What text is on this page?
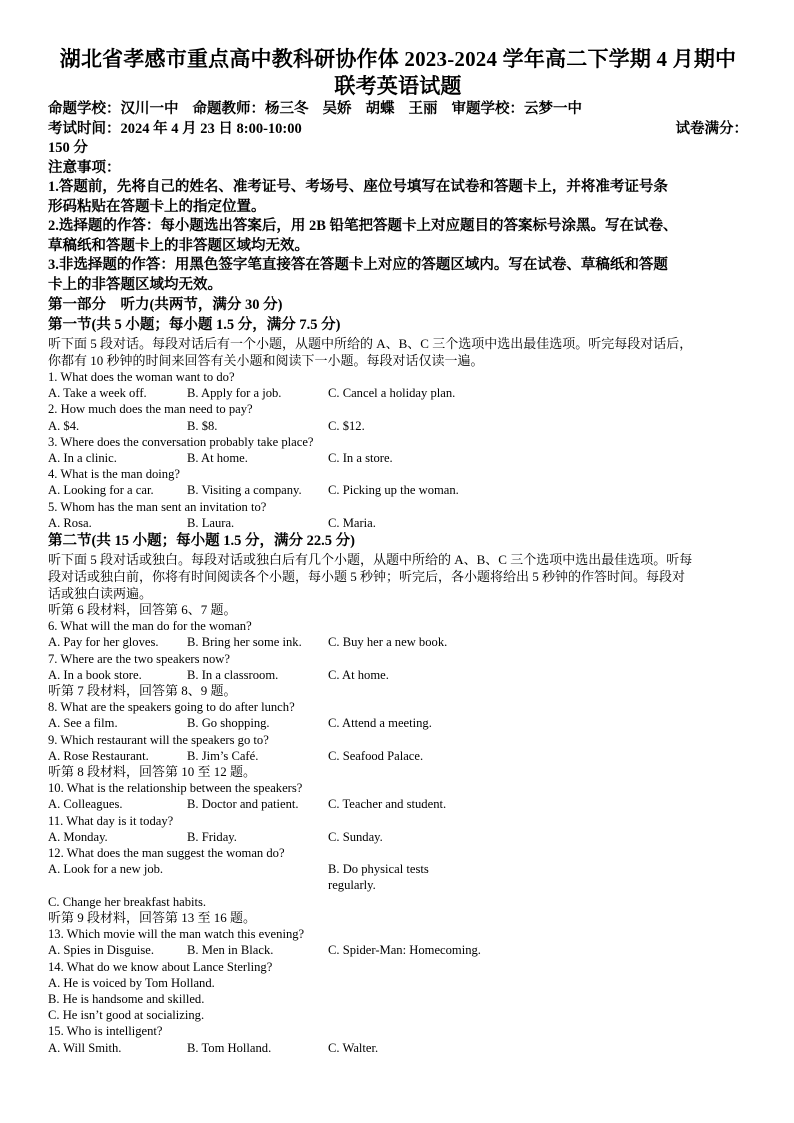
湖北省孝感市重点高中教科研协作体 2023-2024 学年高二下学期 4 月期中
联考英语试题
命题学校：汉川一中 命题教师：杨三冬 吴娇 胡蝶 王丽 审题学校：云梦一中
考试时间：2024 年 4 月 23 日 8:00-10:00	试卷满分：
150 分
注意事项：
1.答题前，先将自己的姓名、准考证号、考场号、座位号填写在试卷和答题卡上，并将准考证号条
形码粘贴在答题卡上的指定位置。
2.选择题的作答：每小题选出答案后，用 2B 铅笔把答题卡上对应题目的答案标号涂黑。写在试卷、
草稿纸和答题卡上的非答题区域均无效。
3.非选择题的作答：用黑色签字笔直接答在答题卡上对应的答题区域内。写在试卷、草稿纸和答题
卡上的非答题区域均无效。
第一部分　听力(共两节，满分 30 分)
第一节(共 5 小题；每小题 1.5 分，满分 7.5 分)
听下面 5 段对话。每段对话后有一个小题，从题中所给的 A、B、C 三个选项中选出最佳选项。听完每段对话后，
你都有 10 秒钟的时间来回答有关小题和阅读下一小题。每段对话仅读一遍。
1. What does the woman want to do?
A. Take a week off.	B. Apply for a job.	C. Cancel a holiday plan.
2. How much does the man need to pay?
A. $4.	B. $8.	C. $12.
3. Where does the conversation probably take place?
A. In a clinic.	B. At home.	C. In a store.
4. What is the man doing?
A. Looking for a car.	B. Visiting a company.	C. Picking up the woman.
5. Whom has the man sent an invitation to?
A. Rosa.	B. Laura.	C. Maria.
第二节(共 15 小题；每小题 1.5 分，满分 22.5 分)
听下面 5 段对话或独白。每段对话或独白后有几个小题，从题中所给的 A、B、C 三个选项中选出最佳选项。听每
段对话或独白前，你将有时间阅读各个小题，每小题 5 秒钟；听完后，各小题将给出 5 秒钟的作答时间。每段对
话或独白读两遍。
听第 6 段材料，回答第 6、7 题。
6. What will the man do for the woman?
A. Pay for her gloves.	B. Bring her some ink.	C. Buy her a new book.
7. Where are the two speakers now?
A. In a book store.	B. In a classroom.	C. At home.
听第 7 段材料，回答第 8、9 题。
8. What are the speakers going to do after lunch?
A. See a film.	B. Go shopping.	C. Attend a meeting.
9. Which restaurant will the speakers go to?
A. Rose Restaurant.	B. Jim’s Café.	C. Seafood Palace.
听第 8 段材料，回答第 10 至 12 题。
10. What is the relationship between the speakers?
A. Colleagues.	B. Doctor and patient.	C. Teacher and student.
11. What day is it today?
A. Monday.	B. Friday.	C. Sunday.
12. What does the man suggest the woman do?
A. Look for a new job.	B. Do physical tests regularly.
C. Change her breakfast habits.
听第 9 段材料，回答第 13 至 16 题。
13. Which movie will the man watch this evening?
A. Spies in Disguise.	B. Men in Black.	C. Spider-Man: Homecoming.
14. What do we know about Lance Sterling?
A. He is voiced by Tom Holland.
B. He is handsome and skilled.
C. He isn’t good at socializing.
15. Who is intelligent?
A. Will Smith.	B. Tom Holland.	C. Walter.
